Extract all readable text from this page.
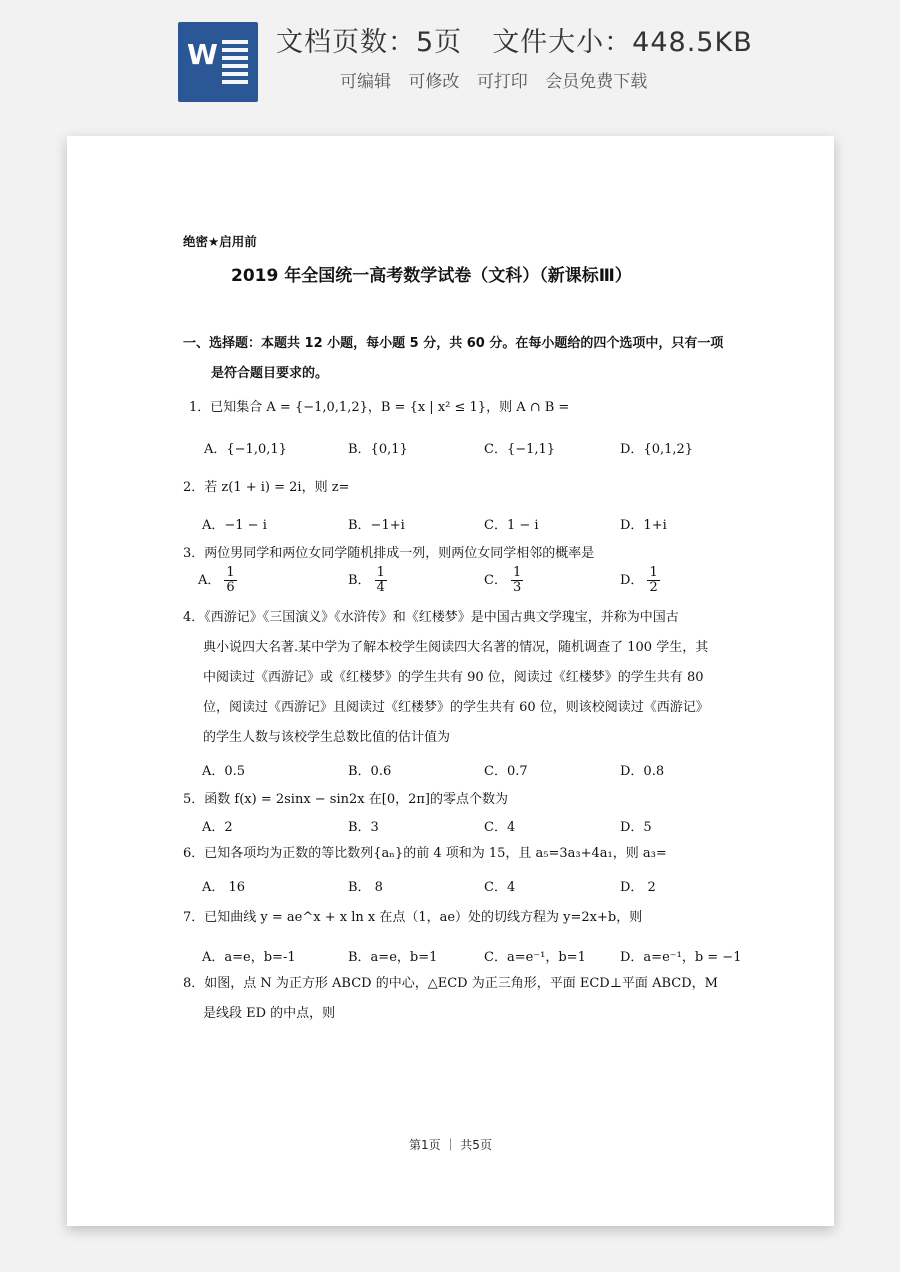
W 文档页数：5页 文件大小：448.5KB
可编辑 可修改 可打印 会员免费下载
绝密★启用前
2019 年全国统一高考数学试卷（文科）（新课标Ⅲ）
一、选择题：本题共 12 小题，每小题 5 分，共 60 分。在每小题给的四个选项中，只有一项
是符合题目要求的。
1．已知集合 A = {−1,0,1,2}，B = {x | x² ≤ 1}，则 A ∩ B =
A．{−1,0,1}	B．{0,1}	C．{−1,1}	D．{0,1,2}
2．若 z(1 + i) = 2i，则 z=
A．−1 − i	B．−1+i	C．1 − i	D．1+i
3．两位男同学和两位女同学随机排成一列，则两位女同学相邻的概率是
A． $\frac{1}{6}$	B． $\frac{1}{4}$	C． $\frac{1}{3}$	D． $\frac{1}{2}$
4．《西游记》《三国演义》《水浒传》和《红楼梦》是中国古典文学瑰宝，并称为中国古
典小说四大名著.某中学为了解本校学生阅读四大名著的情况，随机调查了 100 学生，其
中阅读过《西游记》或《红楼梦》的学生共有 90 位，阅读过《红楼梦》的学生共有 80
位，阅读过《西游记》且阅读过《红楼梦》的学生共有 60 位，则该校阅读过《西游记》
的学生人数与该校学生总数比值的估计值为
A．0.5	B．0.6	C．0.7	D．0.8
5．函数 f(x) = 2sinx − sin2x 在[0，2π]的零点个数为
A．2	B．3	C．4	D．5
6．已知各项均为正数的等比数列{aₙ}的前 4 项和为 15，且 a₅=3a₃+4a₁，则 a₃=
A． 16	B． 8	C．4	D． 2
7．已知曲线 y = ae^x + x ln x 在点（1，ae）处的切线方程为 y=2x+b，则
A．a=e，b=-1	B．a=e，b=1	C．a=e⁻¹，b=1	D．a=e⁻¹，b = −1
8．如图，点 N 为正方形 ABCD 的中心，△ECD 为正三角形，平面 ECD⊥平面 ABCD，M
是线段 ED 的中点，则
第1页 ｜ 共5页
